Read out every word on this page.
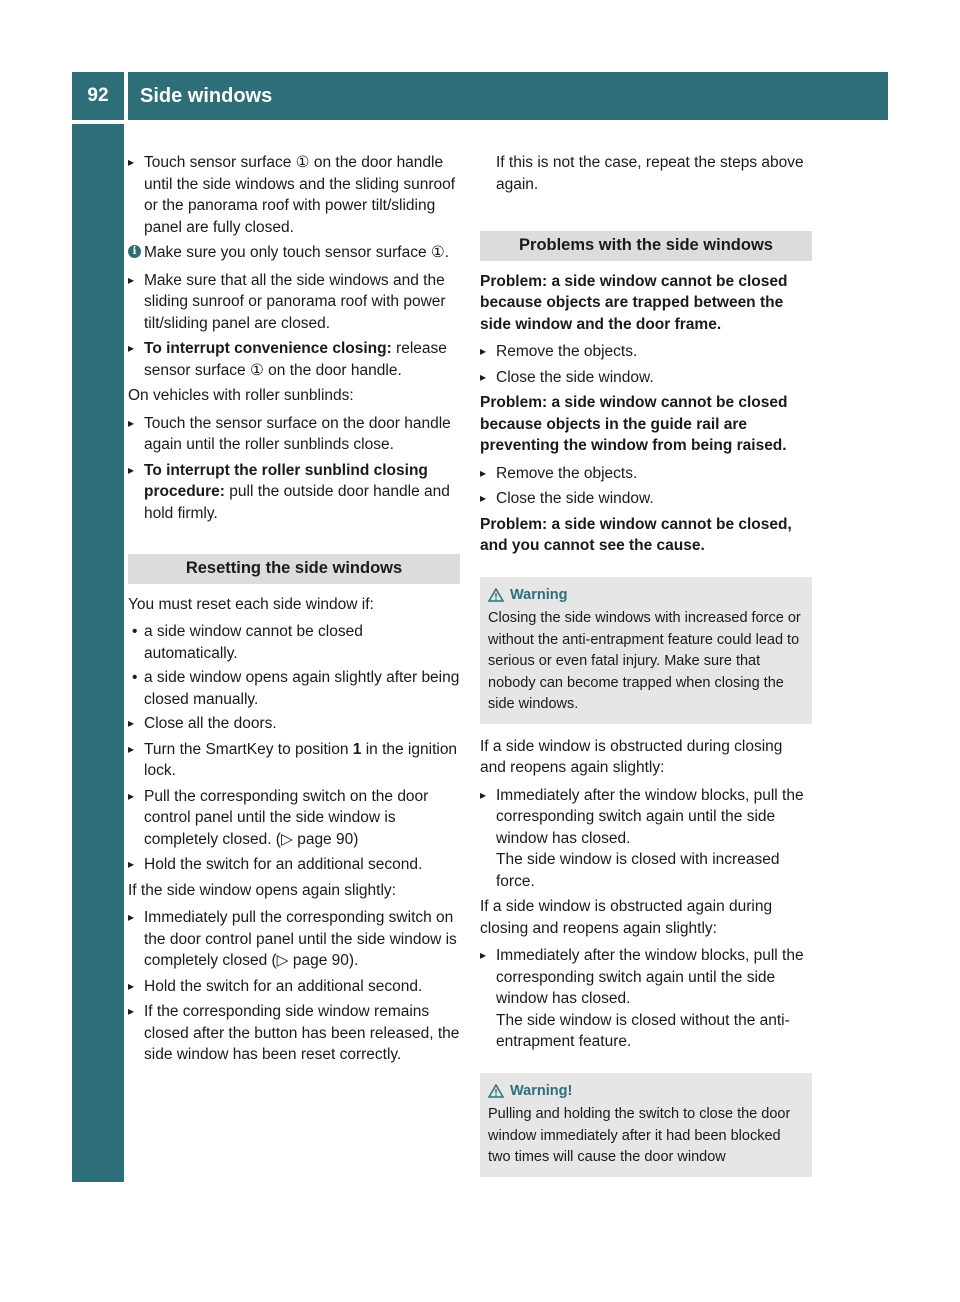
92	Side windows
Opening and closing
▸ Touch sensor surface ① on the door handle until the side windows and the sliding sunroof or the panorama roof with power tilt/sliding panel are fully closed.
i Make sure you only touch sensor surface ①.
▸ Make sure that all the side windows and the sliding sunroof or panorama roof with power tilt/sliding panel are closed.
▸ To interrupt convenience closing: release sensor surface ① on the door handle.
On vehicles with roller sunblinds:
▸ Touch the sensor surface on the door handle again until the roller sunblinds close.
▸ To interrupt the roller sunblind closing procedure: pull the outside door handle and hold firmly.
Resetting the side windows
You must reset each side window if:
• a side window cannot be closed automatically.
• a side window opens again slightly after being closed manually.
▸ Close all the doors.
▸ Turn the SmartKey to position 1 in the ignition lock.
▸ Pull the corresponding switch on the door control panel until the side window is completely closed. (▷ page 90)
▸ Hold the switch for an additional second.
If the side window opens again slightly:
▸ Immediately pull the corresponding switch on the door control panel until the side window is completely closed (▷ page 90).
▸ Hold the switch for an additional second.
▸ If the corresponding side window remains closed after the button has been released, the side window has been reset correctly.
If this is not the case, repeat the steps above again.
Problems with the side windows
Problem: a side window cannot be closed because objects are trapped between the side window and the door frame.
▸ Remove the objects.
▸ Close the side window.
Problem: a side window cannot be closed because objects in the guide rail are preventing the window from being raised.
▸ Remove the objects.
▸ Close the side window.
Problem: a side window cannot be closed, and you cannot see the cause.
Warning
Closing the side windows with increased force or without the anti-entrapment feature could lead to serious or even fatal injury. Make sure that nobody can become trapped when closing the side windows.
If a side window is obstructed during closing and reopens again slightly:
▸ Immediately after the window blocks, pull the corresponding switch again until the side window has closed.
The side window is closed with increased force.
If a side window is obstructed again during closing and reopens again slightly:
▸ Immediately after the window blocks, pull the corresponding switch again until the side window has closed.
The side window is closed without the anti-entrapment feature.
Warning!
Pulling and holding the switch to close the door window immediately after it had been blocked two times will cause the door window
